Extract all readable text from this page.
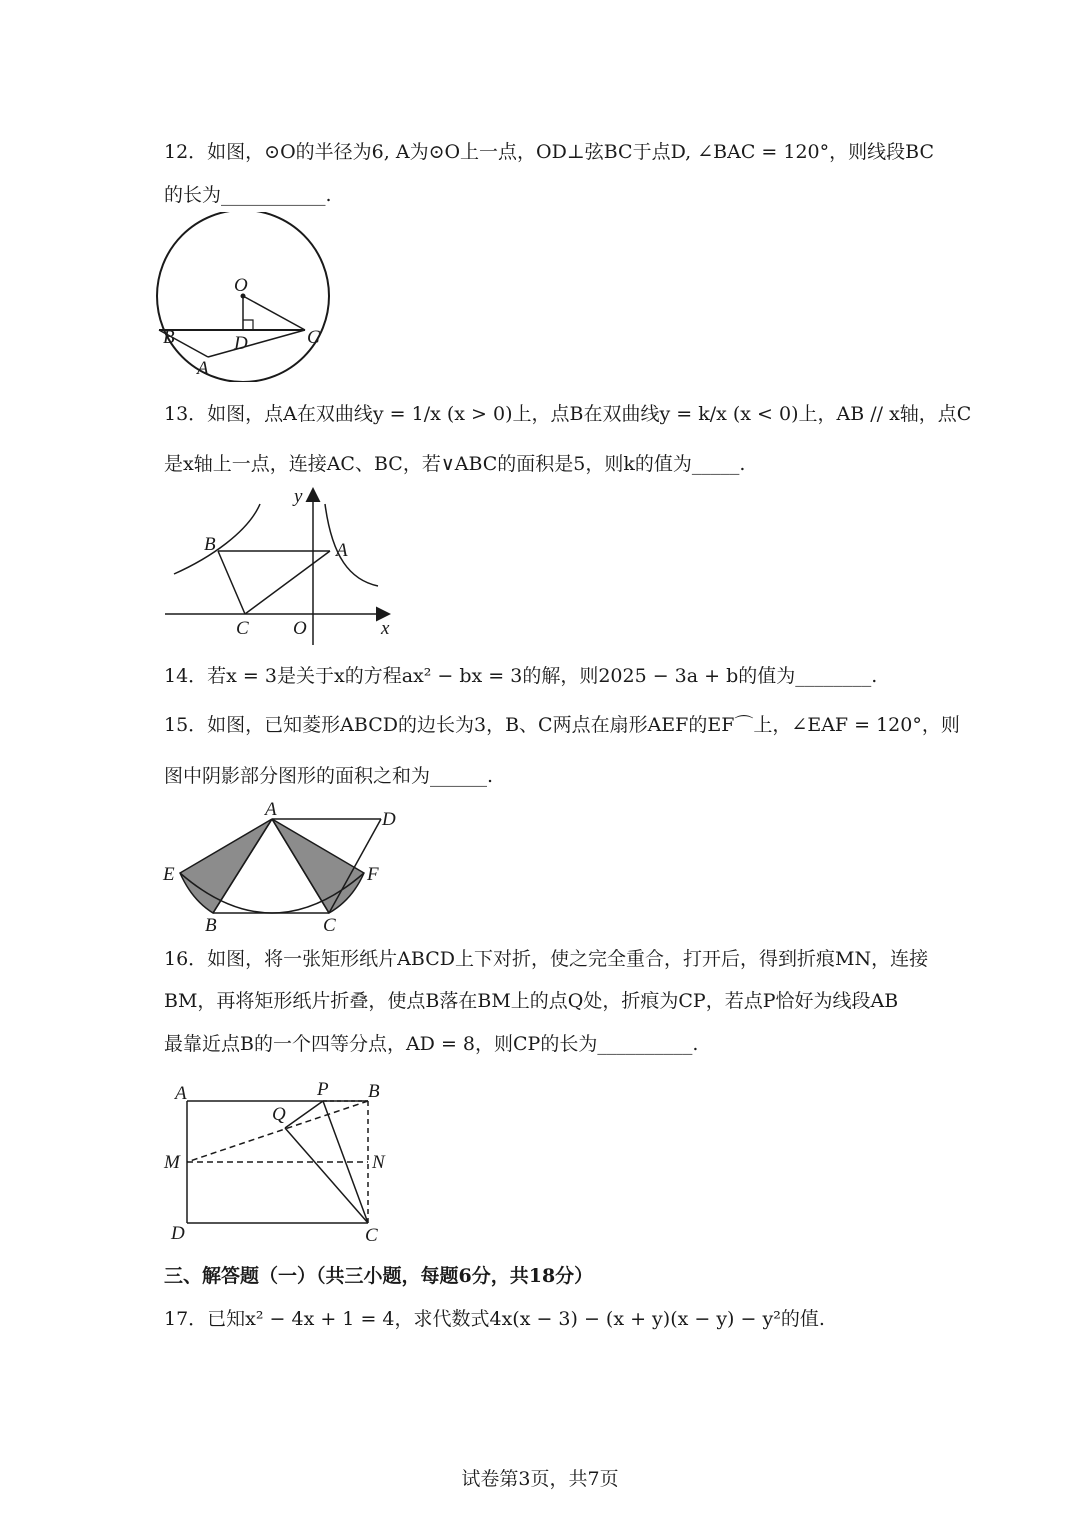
12．如图，⊙O的半径为6, A为⊙O上一点，OD⊥弦BC于点D, ∠BAC = 120°，则线段BC
的长为___________.
O
B	D	C
A
13．如图，点A在双曲线y = 1/x (x > 0)上，点B在双曲线y = k/x (x < 0)上，AB // x轴，点C
是x轴上一点，连接AC、BC，若∨ABC的面积是5，则k的值为_____.
y
B	A
C O	x
14．若x = 3是关于x的方程ax² − bx = 3的解，则2025 − 3a + b的值为________.
15．如图，已知菱形ABCD的边长为3，B、C两点在扇形AEF的EF⌒上，∠EAF = 120°，则
图中阴影部分图形的面积之和为______.
A	D
E	F
B	C
16．如图，将一张矩形纸片ABCD上下对折，使之完全重合，打开后，得到折痕MN，连接
BM，再将矩形纸片折叠，使点B落在BM上的点Q处，折痕为CP，若点P恰好为线段AB
最靠近点B的一个四等分点，AD = 8，则CP的长为__________.
A	P B
Q
M	N
D	C
三、解答题（一）（共三小题，每题6分，共18分）
17．已知x² − 4x + 1 = 4，求代数式4x(x − 3) − (x + y)(x − y) − y²的值.
试卷第3页，共7页
